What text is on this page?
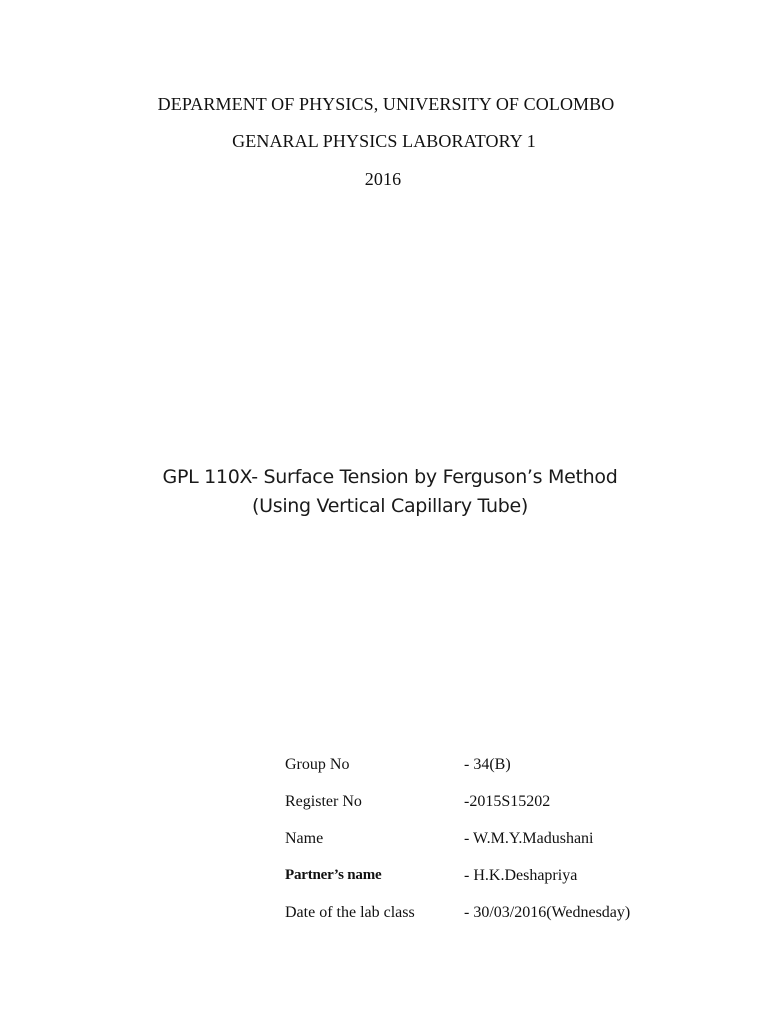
DEPARMENT OF PHYSICS, UNIVERSITY OF COLOMBO
GENARAL PHYSICS LABORATORY 1
2016
GPL 110X- Surface Tension by Ferguson’s Method
(Using Vertical Capillary Tube)
Group No	- 34(B)
Register No	-2015S15202
Name	- W.M.Y.Madushani
Partner’s name	- H.K.Deshapriya
Date of the lab class	- 30/03/2016(Wednesday)
